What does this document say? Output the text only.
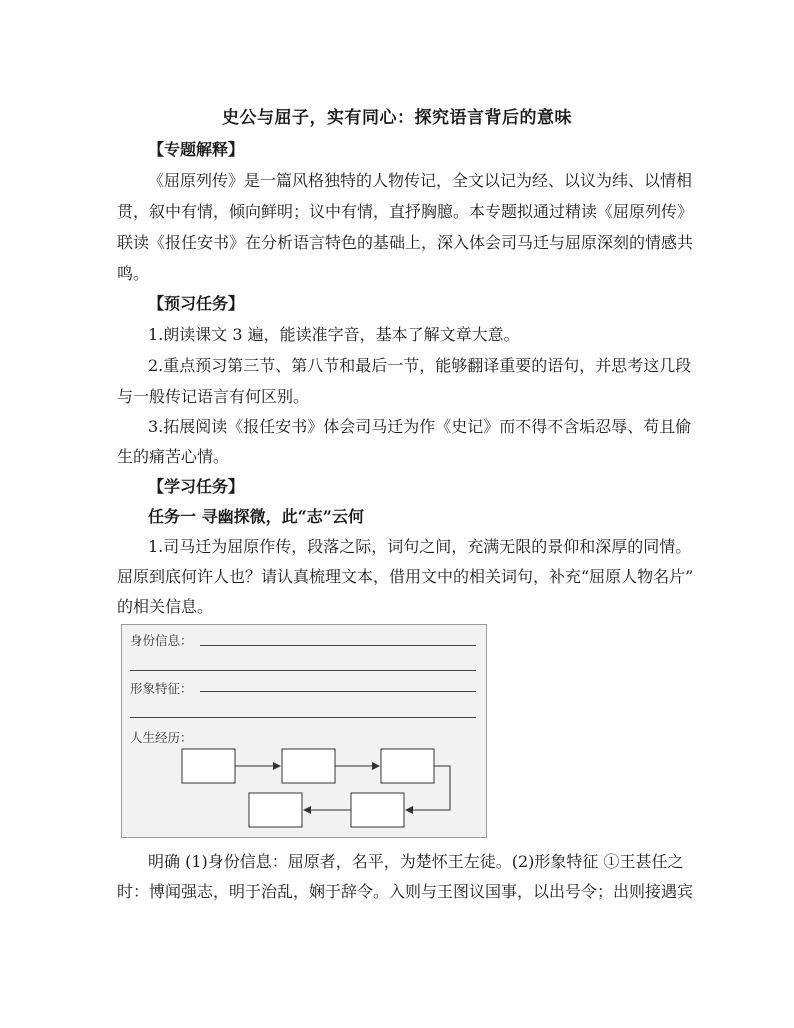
史公与屈子，实有同心：探究语言背后的意味
【专题解释】
《屈原列传》是一篇风格独特的人物传记，全文以记为经、以议为纬、以情相
贯，叙中有情，倾向鲜明；议中有情，直抒胸臆。本专题拟通过精读《屈原列传》
联读《报任安书》在分析语言特色的基础上，深入体会司马迁与屈原深刻的情感共
鸣。
【预习任务】
1.朗读课文 3 遍，能读准字音，基本了解文章大意。
2.重点预习第三节、第八节和最后一节，能够翻译重要的语句，并思考这几段
与一般传记语言有何区别。
3.拓展阅读《报任安书》体会司马迁为作《史记》而不得不含垢忍辱、苟且偷
生的痛苦心情。
【学习任务】
任务一 寻幽探微，此“志”云何
1.司马迁为屈原作传，段落之际，词句之间，充满无限的景仰和深厚的同情。
屈原到底何许人也？请认真梳理文本，借用文中的相关词句，补充“屈原人物名片”
的相关信息。
身份信息：
形象特征：
人生经历：
明确 (1)身份信息：屈原者，名平，为楚怀王左徒。(2)形象特征 ①王甚任之
时：博闻强志，明于治乱，娴于辞令。入则与王图议国事，以出号令；出则接遇宾
